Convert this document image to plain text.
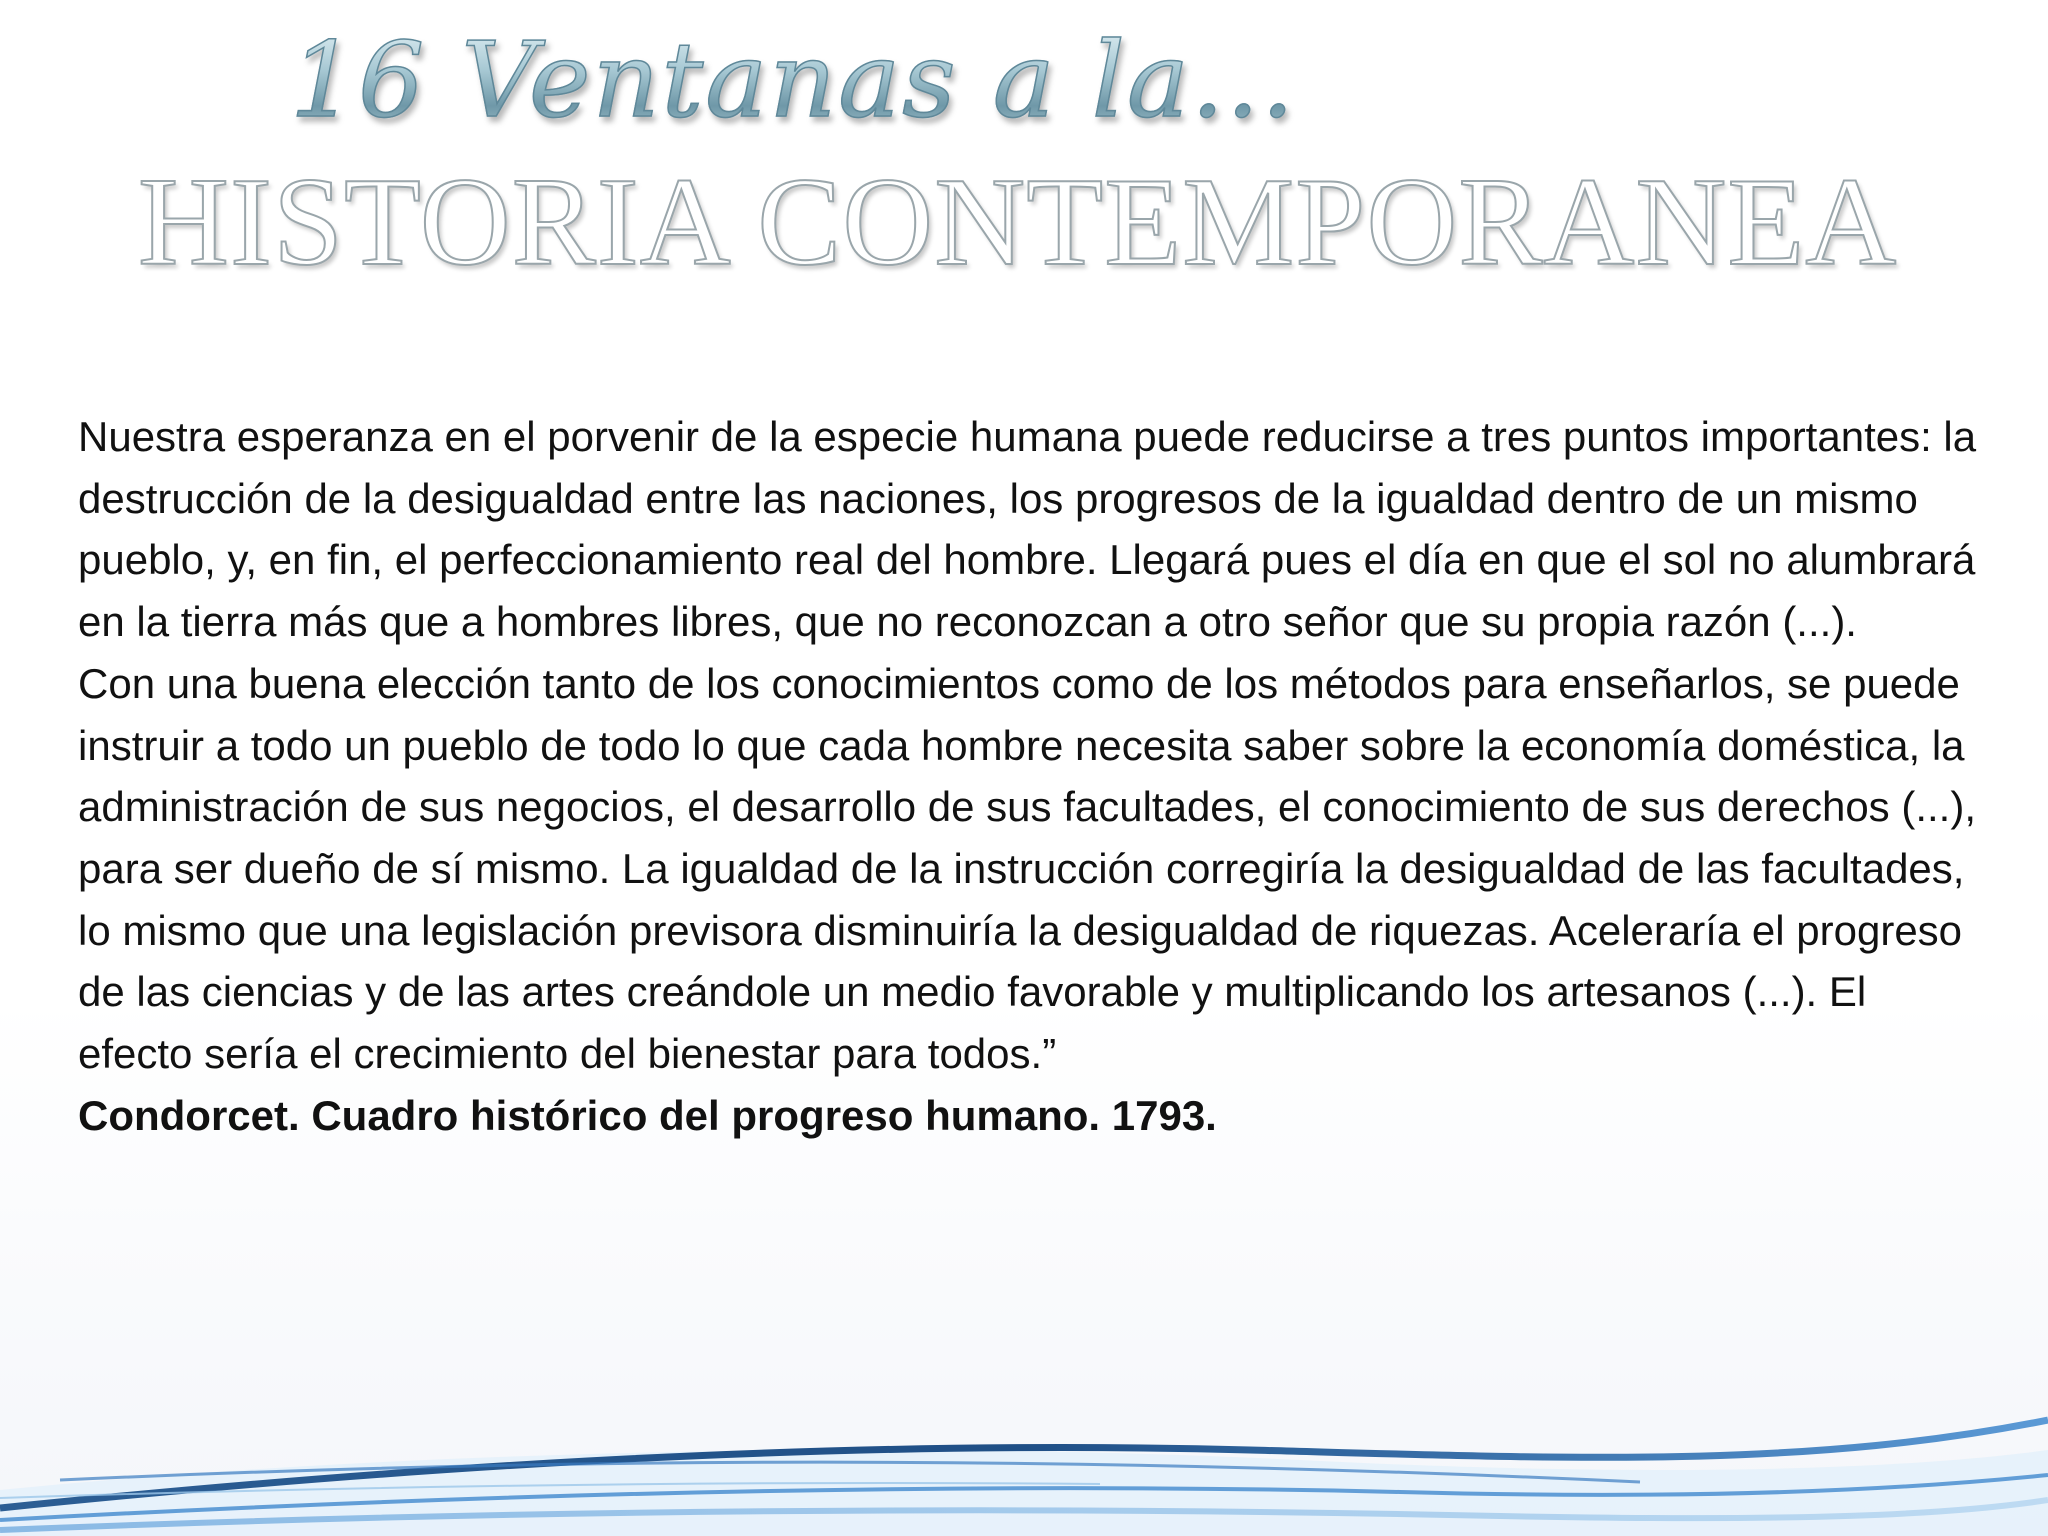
16 Ventanas a la...
HISTORIA CONTEMPORANEA

Nuestra esperanza en el porvenir de la especie humana puede reducirse a tres puntos importantes: la destrucción de la desigualdad entre las naciones, los progresos de la igualdad dentro de un mismo pueblo, y, en fin, el perfeccionamiento real del hombre. Llegará pues el día en que el sol no alumbrará en la tierra más que a hombres libres, que no reconozcan a otro señor que su propia razón (...).

Con una buena elección tanto de los conocimientos como de los métodos para enseñarlos, se puede instruir a todo un pueblo de todo lo que cada hombre necesita saber sobre la economía doméstica, la administración de sus negocios, el desarrollo de sus facultades, el conocimiento de sus derechos (...), para ser dueño de sí mismo. La igualdad de la instrucción corregiría la desigualdad de las facultades, lo mismo que una legislación previsora disminuiría la desigualdad de riquezas. Aceleraría el progreso de las ciencias y de las artes creándole un medio favorable y multiplicando los artesanos (...). El efecto sería el crecimiento del bienestar para todos.”

Condorcet. Cuadro histórico del progreso humano. 1793.
